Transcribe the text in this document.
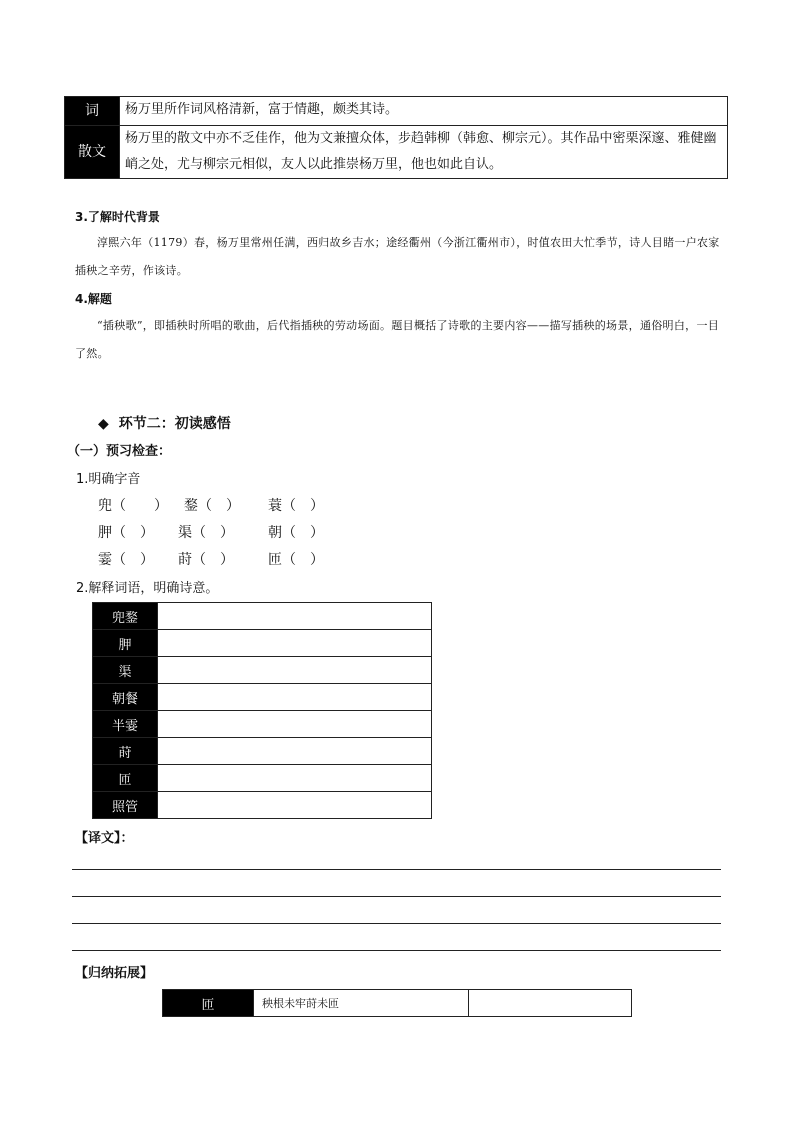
词	杨万里所作词风格清新，富于情趣，颇类其诗。
散文	杨万里的散文中亦不乏佳作，他为文兼擅众体，步趋韩柳（韩愈、柳宗元）。其作品中密栗深邃、雅健幽峭之处，尤与柳宗元相似，友人以此推崇杨万里，他也如此自认。
3.了解时代背景
淳熙六年（1179）春，杨万里常州任满，西归故乡吉水；途经衢州（今浙江衢州市），时值农田大忙季节，诗人目睹一户农家插秧之辛劳，作该诗。
4.解题
“插秧歌”，即插秧时所唱的歌曲，后代指插秧的劳动场面。题目概括了诗歌的主要内容——描写插秧的场景，通俗明白，一目了然。
◆ 环节二：初读感悟
（一）预习检查：
1.明确字音
兜（　　） 鍪（　） 蓑（　）
胛（　） 渠（　） 朝（　）
霎（　） 莳（　） 匝（　）
2.解释词语，明确诗意。
兜鍪	
胛	
渠	
朝餐	
半霎	
莳	
匝	
照管	
【译文】：
【归纳拓展】
匝	秧根未牢莳未匝	
